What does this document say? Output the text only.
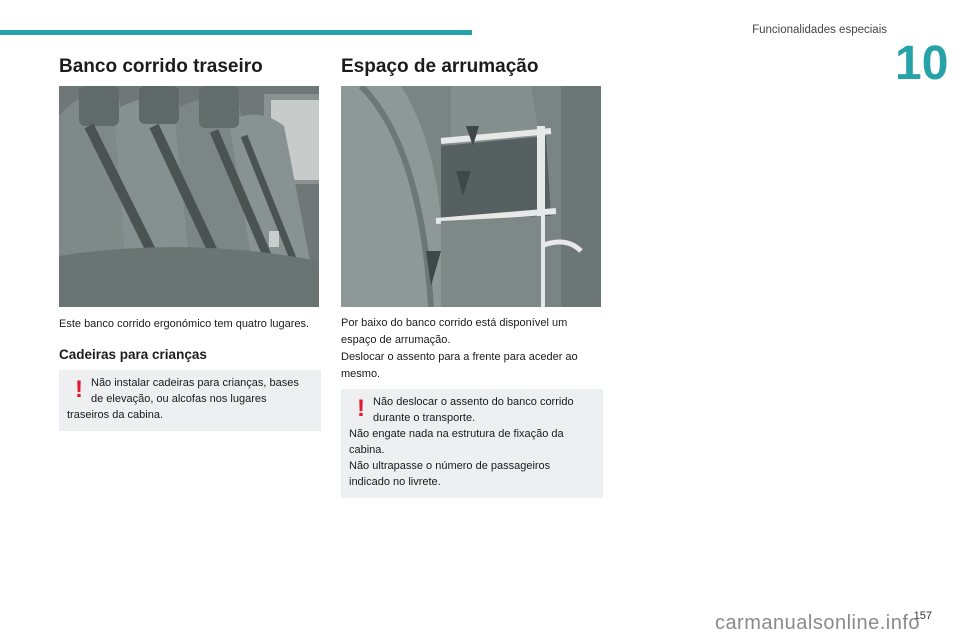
Funcionalidades especiais
10
Banco corrido traseiro

Este banco corrido ergonómico tem quatro lugares.

Cadeiras para crianças
! Não instalar cadeiras para crianças, bases
de elevação, ou alcofas nos lugares
traseiros da cabina.
Espaço de arrumação

Por baixo do banco corrido está disponível um
espaço de arrumação.
Deslocar o assento para a frente para aceder ao
mesmo.

! Não deslocar o assento do banco corrido
durante o transporte.
Não engate nada na estrutura de fixação da
cabina.
Não ultrapasse o número de passageiros
indicado no livrete.
157
carmanualsonline.info
